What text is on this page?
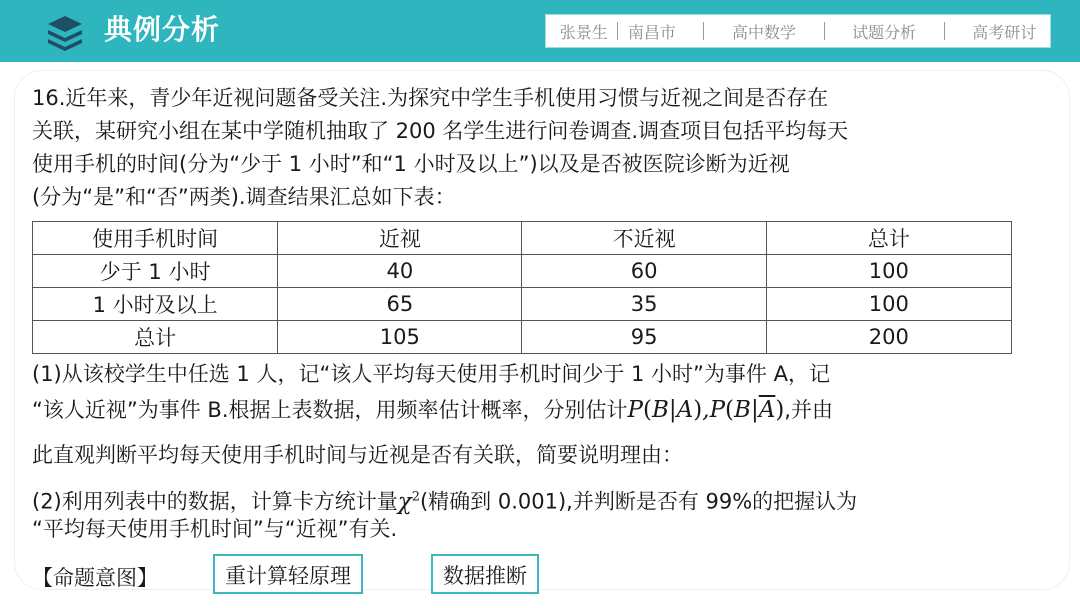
典例分析	张景生 南昌市	高中数学	试题分析	高考研讨
16.近年来，青少年近视问题备受关注.为探究中学生手机使用习惯与近视之间是否存在
关联，某研究小组在某中学随机抽取了 200 名学生进行问卷调查.调查项目包括平均每天
使用手机的时间(分为“少于 1 小时”和“1 小时及以上”)以及是否被医院诊断为近视
(分为“是”和“否”两类).调查结果汇总如下表：
使用手机时间	近视	不近视	总计
少于 1 小时	40	60	100
1 小时及以上	65	35	100
总计	105	95	200
(1)从该校学生中任选 1 人，记“该人平均每天使用手机时间少于 1 小时”为事件 A，记
“该人近视”为事件 B.根据上表数据，用频率估计概率，分别估计$P(B|A),P(B|\overline{A})$,并由
此直观判断平均每天使用手机时间与近视是否有关联，简要说明理由：
(2)利用列表中的数据，计算卡方统计量$\chi^2$(精确到 0.001),并判断是否有 99%的把握认为
“平均每天使用手机时间”与“近视”有关.
【命题意图】	重计算轻原理	数据推断
